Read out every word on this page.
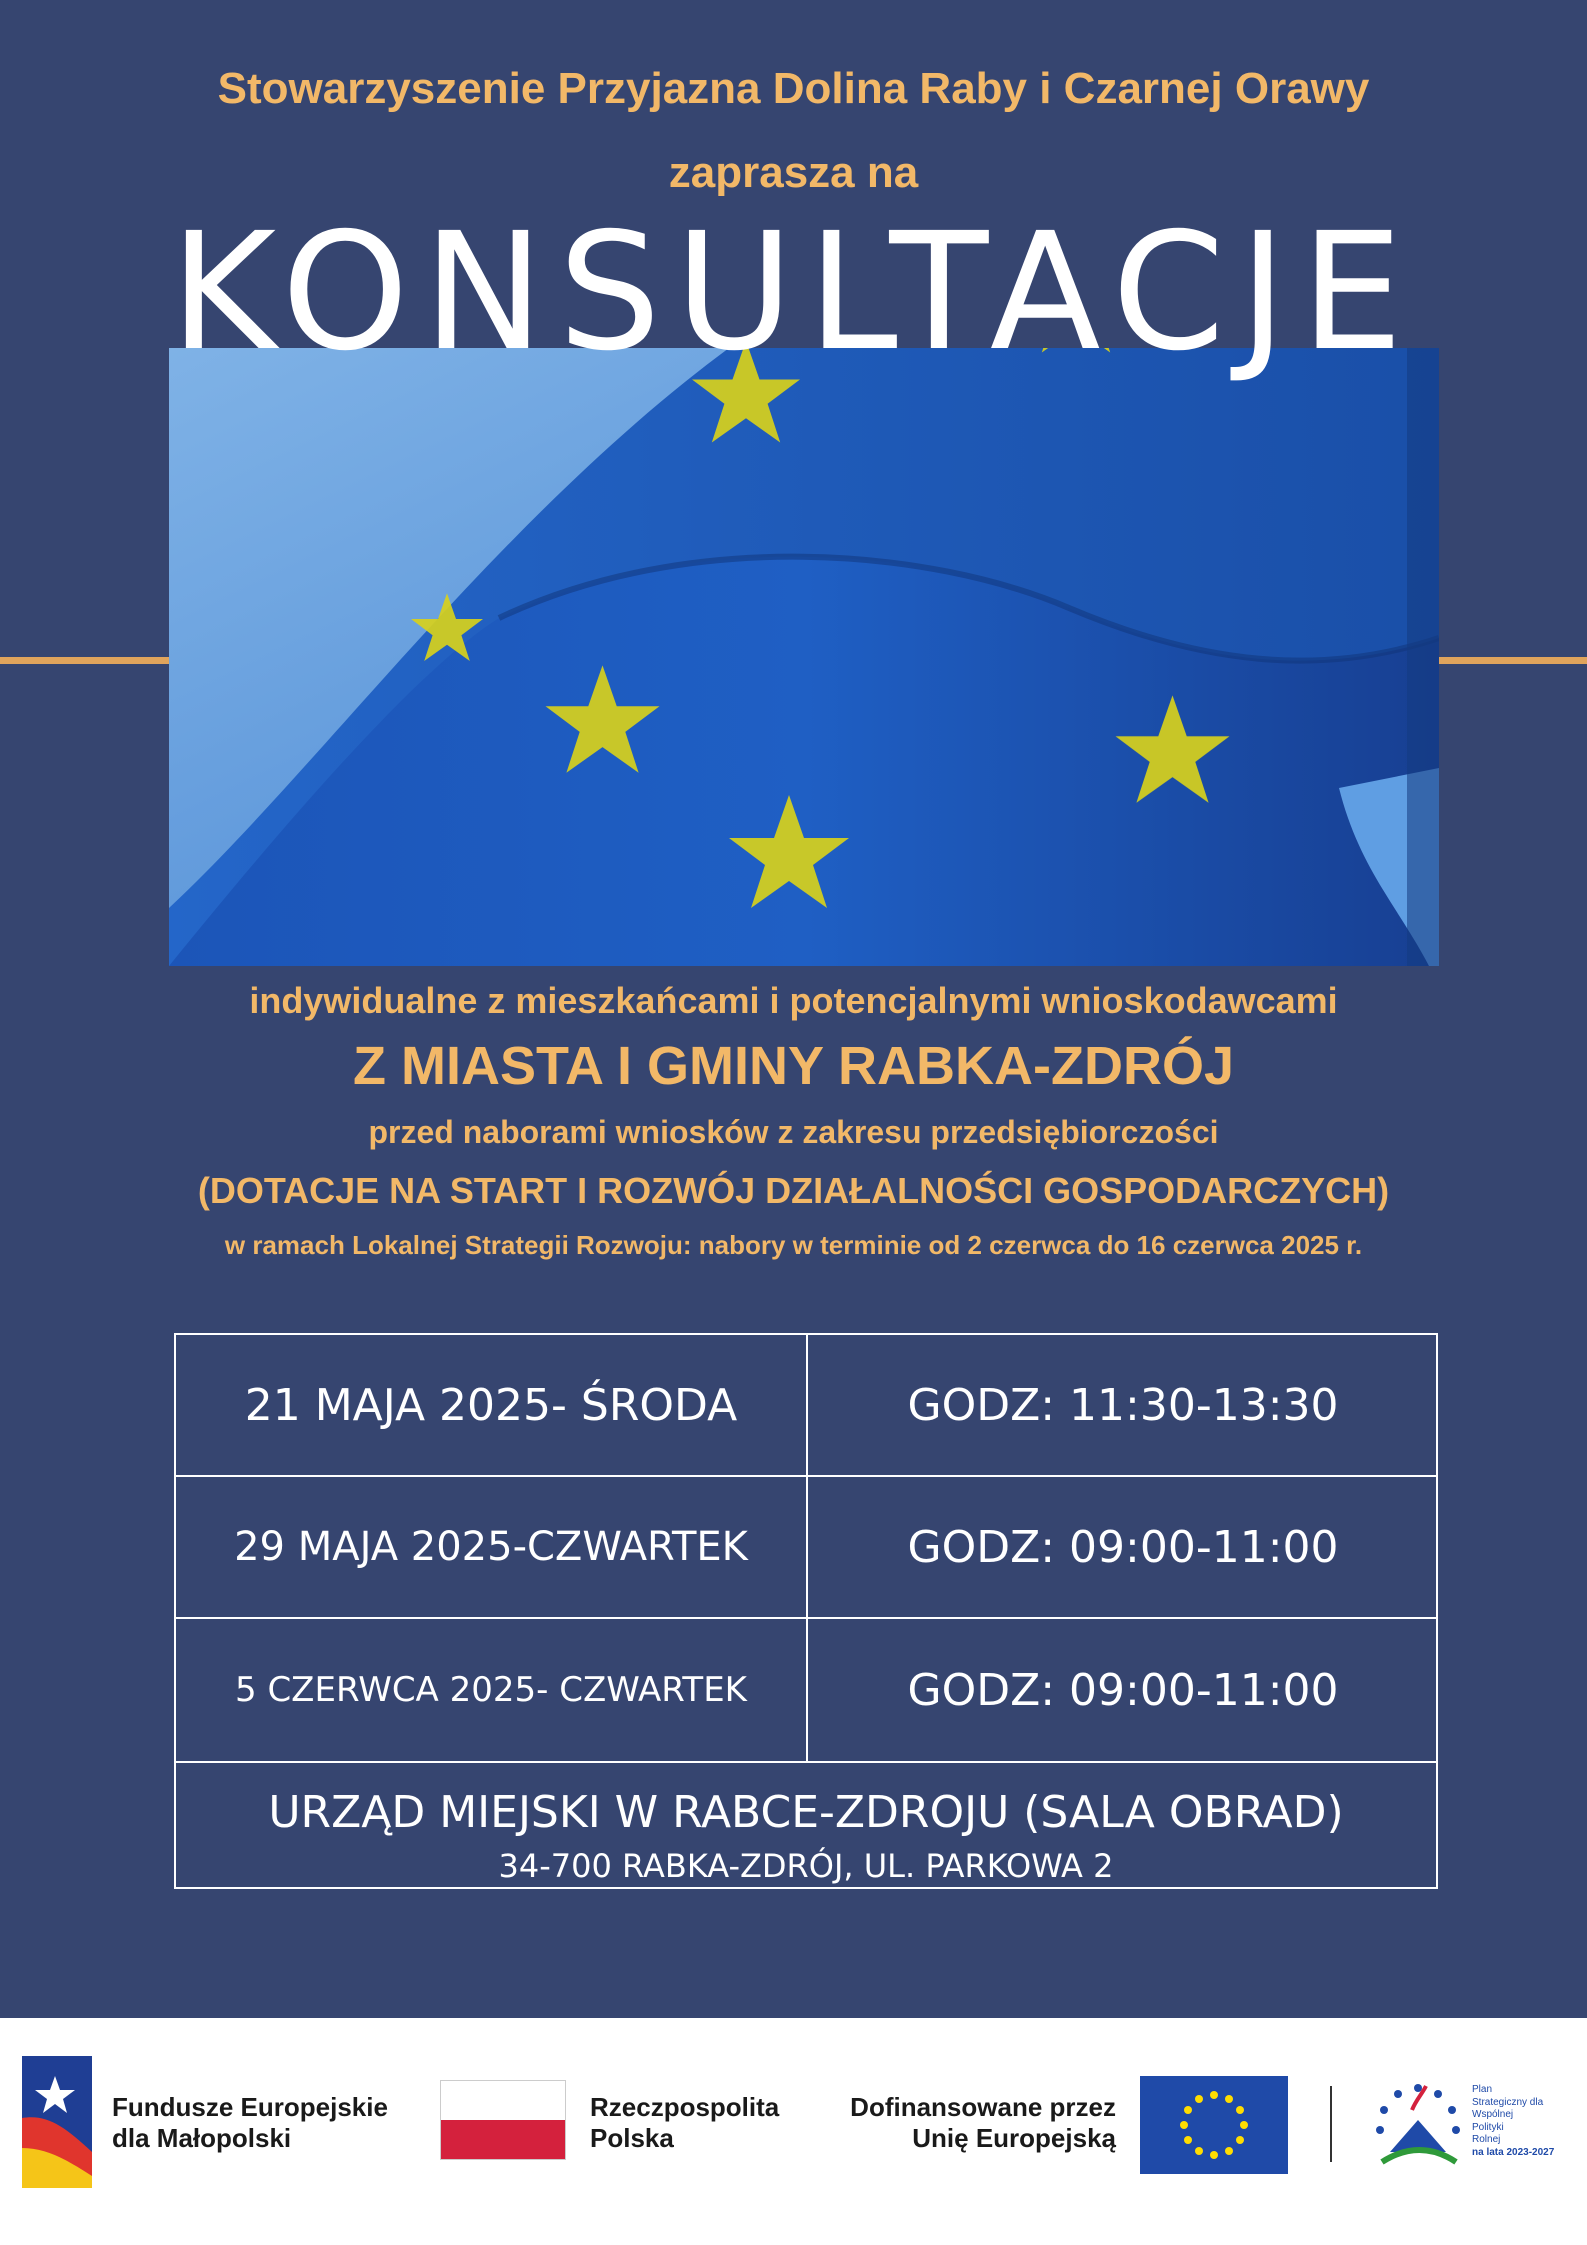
Stowarzyszenie Przyjazna Dolina Raby i Czarnej Orawy
zaprasza na
KONSULTACJE
indywidualne z mieszkańcami i potencjalnymi wnioskodawcami
Z MIASTA I GMINY RABKA-ZDRÓJ
przed naborami wniosków z zakresu przedsiębiorczości
(DOTACJE NA START I ROZWÓJ DZIAŁALNOŚCI GOSPODARCZYCH)
w ramach Lokalnej Strategii Rozwoju: nabory w terminie od 2 czerwca do 16 czerwca 2025 r.
21 MAJA 2025- ŚRODA	GODZ: 11:30-13:30
29 MAJA 2025-CZWARTEK	GODZ: 09:00-11:00
5 CZERWCA 2025- CZWARTEK	GODZ: 09:00-11:00
URZĄD MIEJSKI W RABCE-ZDROJU (SALA OBRAD)
34-700 RABKA-ZDRÓJ, UL. PARKOWA 2
Fundusze Europejskie
dla Małopolski
Rzeczpospolita
Polska
Dofinansowane przez
Unię Europejską
Plan
Strategiczny dla
Wspólnej
Polityki
Rolnej
na lata 2023-2027
